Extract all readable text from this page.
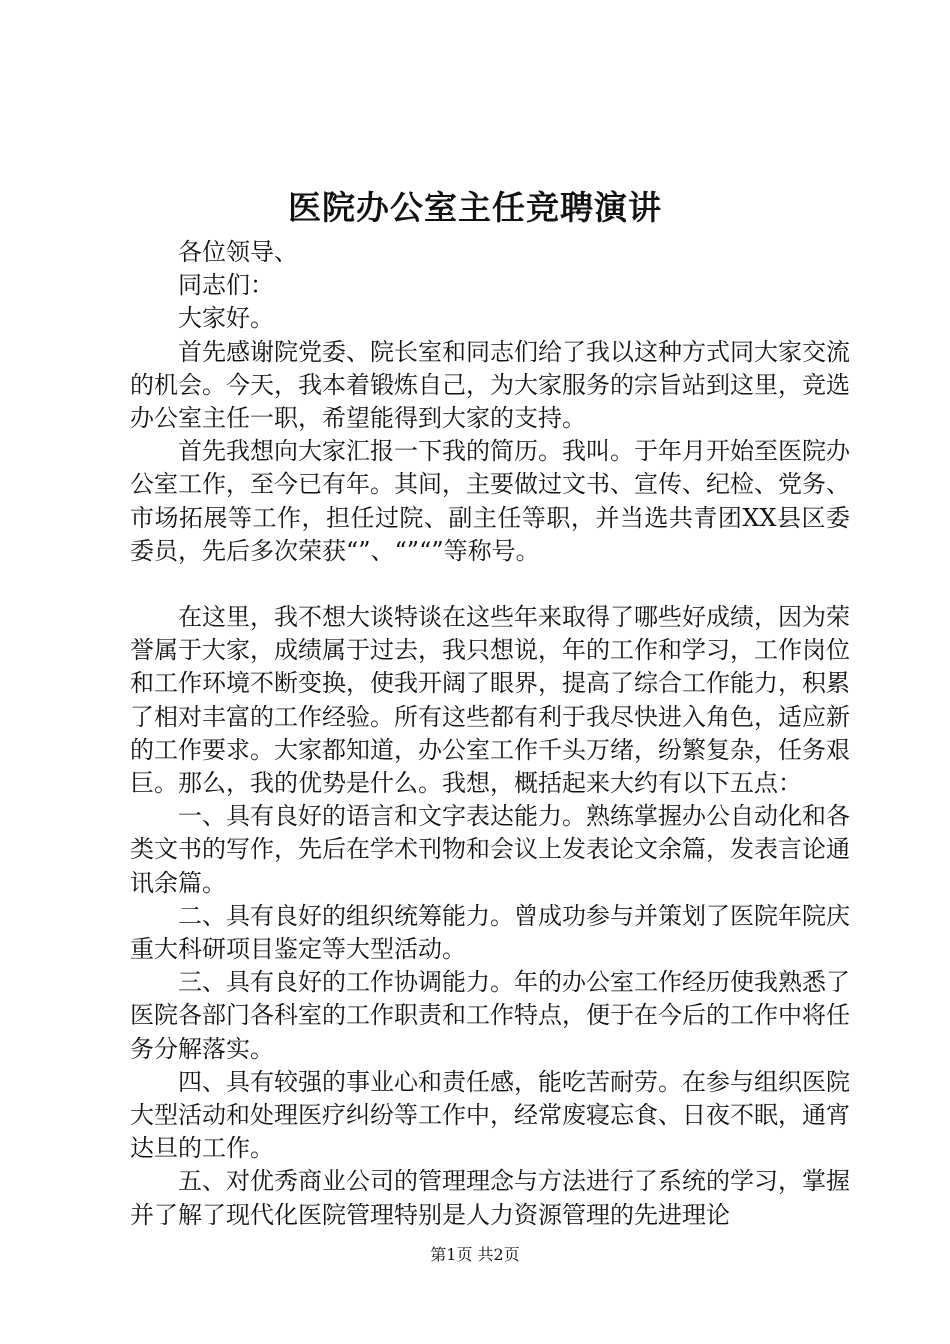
医院办公室主任竞聘演讲

各位领导、

同志们：

大家好。

首先感谢院党委、院长室和同志们给了我以这种方式同大家交流的机会。今天，我本着锻炼自己，为大家服务的宗旨站到这里，竞选办公室主任一职，希望能得到大家的支持。

首先我想向大家汇报一下我的简历。我叫。于年月开始至医院办公室工作，至今已有年。其间，主要做过文书、宣传、纪检、党务、市场拓展等工作，担任过院、副主任等职，并当选共青团XX县区委委员，先后多次荣获“”、“”“”等称号。

在这里，我不想大谈特谈在这些年来取得了哪些好成绩，因为荣誉属于大家，成绩属于过去，我只想说，年的工作和学习，工作岗位和工作环境不断变换，使我开阔了眼界，提高了综合工作能力，积累了相对丰富的工作经验。所有这些都有利于我尽快进入角色，适应新的工作要求。大家都知道，办公室工作千头万绪，纷繁复杂，任务艰巨。那么，我的优势是什么。我想，概括起来大约有以下五点：

一、具有良好的语言和文字表达能力。熟练掌握办公自动化和各类文书的写作，先后在学术刊物和会议上发表论文余篇，发表言论通讯余篇。

二、具有良好的组织统筹能力。曾成功参与并策划了医院年院庆重大科研项目鉴定等大型活动。

三、具有良好的工作协调能力。年的办公室工作经历使我熟悉了医院各部门各科室的工作职责和工作特点，便于在今后的工作中将任务分解落实。

四、具有较强的事业心和责任感，能吃苦耐劳。在参与组织医院大型活动和处理医疗纠纷等工作中，经常废寝忘食、日夜不眠，通宵达旦的工作。

五、对优秀商业公司的管理理念与方法进行了系统的学习，掌握并了解了现代化医院管理特别是人力资源管理的先进理论

第1页 共2页
